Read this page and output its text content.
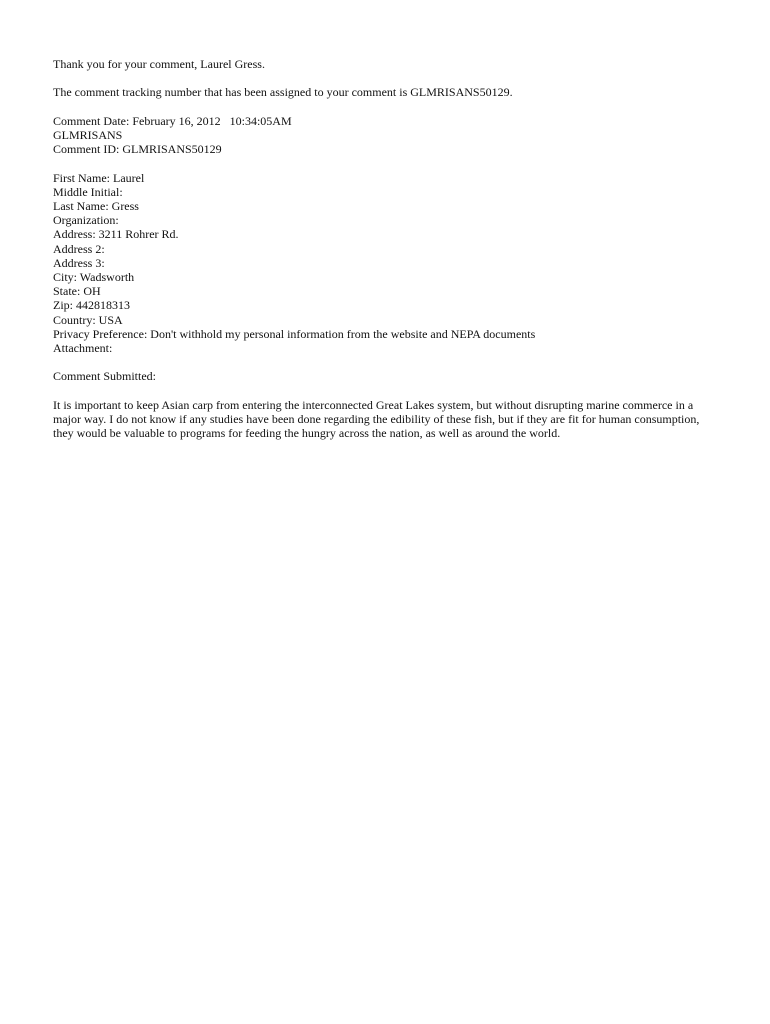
Thank you for your comment, Laurel Gress.
The comment tracking number that has been assigned to your comment is GLMRISANS50129.
Comment Date: February 16, 2012   10:34:05AM
GLMRISANS
Comment ID: GLMRISANS50129
First Name: Laurel
Middle Initial:
Last Name: Gress
Organization:
Address: 3211 Rohrer Rd.
Address 2:
Address 3:
City: Wadsworth
State: OH
Zip: 442818313
Country: USA
Privacy Preference: Don't withhold my personal information from the website and NEPA documents
Attachment:
Comment Submitted:
It is important to keep Asian carp from entering the interconnected Great Lakes system, but without disrupting marine commerce in a major way. I do not know if any studies have been done regarding the edibility of these fish, but if they are fit for human consumption, they would be valuable to programs for feeding the hungry across the nation, as well as around the world.
